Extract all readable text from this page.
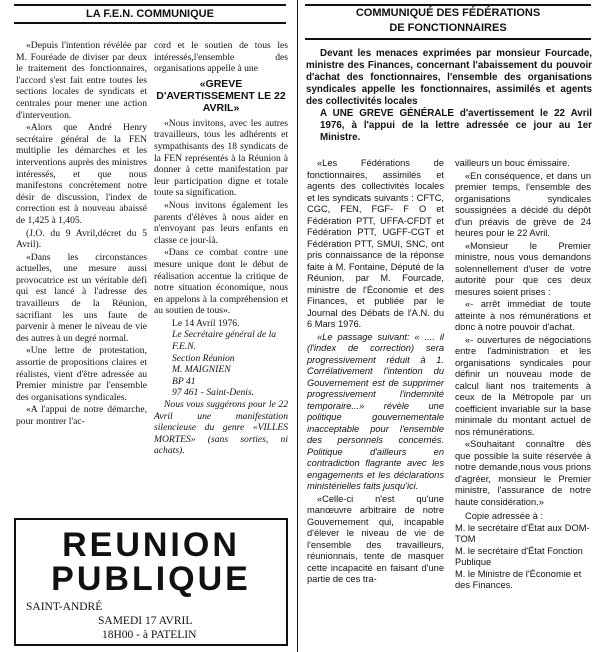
LA F.E.N. COMMUNIQUE

«Depuis l'intention révélée par M. Fouréade de diviser par deux le traitement des fonctionnaires, l'accord s'est fait entre toutes les sections locales de syndicats et centrales pour mener une action d'intervention.

«Alors que André Henry secrétaire général de la FEN multiplie les démarches et les interventions auprès des ministres intéressés, et que nous manifestons concrètement notre désir de discussion, l'index de correction est à nouveau abaissé de 1,425 à 1,405.

(J.O. du 9 Avril,décret du 5 Avril).

«Dans les circonstances actuelles, une mesure aussi provocatrice est un véritable défi qui est lancé à l'adresse des travailleurs de la Réunion, sacrifiant les uns faute de parvenir à mener le niveau de vie des autres à un degré normal.

«Une lettre de protestation, assortie de propositions claires et réalistes, vient d'être adressée au Premier ministre par l'ensemble des organisations syndicales.

«A l'appui de notre démarche, pour montrer l'ac-

cord et le soutien de tous les intéressés,l'ensemble des organisations appelle à une

«GREVE D'AVERTISSEMENT LE 22 AVRIL»

«Nous invitons, avec les autres travailleurs, tous les adhérents et sympathisants des 18 syndicats de la FEN représentés à la Réunion à donner à cette manifestation par leur participation digne et totale toute sa signification.

«Nous invitons également les parents d'élèves à nous aider en n'envoyant pas leurs enfants en classe ce jour-là.

«Dans ce combat contre une mesure unique dont le début de réalisation accentue la critique de notre situation économique, nous en appelons à la compréhension et au soutien de tous».

Le 14 Avril 1976.

Le Secrétaire général de la F.E.N.

Section Réunion

M. MAIGNIEN

BP 41

97 461 - Saint-Denis.

Nous vous suggérons pour le 22 Avril une manifestation silencieuse du genre «VILLES MORTES» (sans sorties, ni achats).

REUNION

PUBLIQUE

SAINT-ANDRÉ
SAMEDI 17 AVRIL
18H00 - à PATELIN
COMMUNIQUÉ DES FÉDÉRATIONS
DE FONCTIONNAIRES

Devant les menaces exprimées par monsieur Fourcade, ministre des Finances, concernant l'abaissement du pouvoir d'achat des fonctionnaires, l'ensemble des organisations syndicales appelle les fonctionnaires, assimilés et agents des collectivités locales

A UNE GREVE GÉNÉRALE d'avertissement le 22 Avril 1976, à l'appui de la lettre adressée ce jour au 1er Ministre.

«Les Fédérations de fonctionnaires, assimilés et agents des collectivités locales et les syndicats suivants : CFTC, CGC, FEN, FGF- F O et Fédération PTT, UFFA-CFDT et Fédération PTT, UGFF-CGT et Fédération PTT, SMUI, SNC, ont pris connaissance de la réponse faite à M. Fontaine, Député de la Réunion, par M. Fourcade, ministre de l'Économie et des Finances, et publiée par le Journal des Débats de l'A.N. du 6 Mars 1976.

«Le passage suivant: « .... il (l'index de correction) sera progressivement réduit à 1. Corrélativement l'intention du Gouvernement est de supprimer progressivement l'indemnité temporaire...» révèle une politique gouvernementale inacceptable pour l'ensemble des personnels concernés. Politique d'ailleurs en contradiction flagrante avec les engagements et les déclarations ministérielles faits jusqu'ici.

«Celle-ci n'est qu'une manœuvre arbitraire de notre Gouvernement qui, incapable d'élever le niveau de vie de l'ensemble des travailleurs, réunionnais, tente de masquer cette incapacité en faisant d'une partie de ces tra-

vailleurs un bouc émissaire.

«En conséquence, et dans un premier temps, l'ensemble des organisations syndicales soussignées a décidé du dépôt d'un préavis de grève de 24 heures pour le 22 Avril.

«Monsieur le Premier ministre, nous vous demandons solennellement d'user de votre autorité pour que ces deux mesures soient prises :

«- arrêt immédiat de toute atteinte à nos rémunérations et donc à notre pouvoir d'achat.

«- ouvertures de négociations entre l'administration et les organisations syndicales pour définir un nouveau mode de calcul liant nos traitements à ceux de la Métropole par un coefficient invariable sur la base minimale du montant actuel de nos rémunérations.

«Souhaitant connaître dès que possible la suite réservée à notre demande,nous vous prions d'agréer, monsieur le Premier ministre, l'assurance de notre haute considération.»

Copie adressée à :

M. le secrétaire d'État aux DOM-TOM

M. le secrétaire d'État Fonction Publique

M. le Ministre de l'Économie et des Finances.
